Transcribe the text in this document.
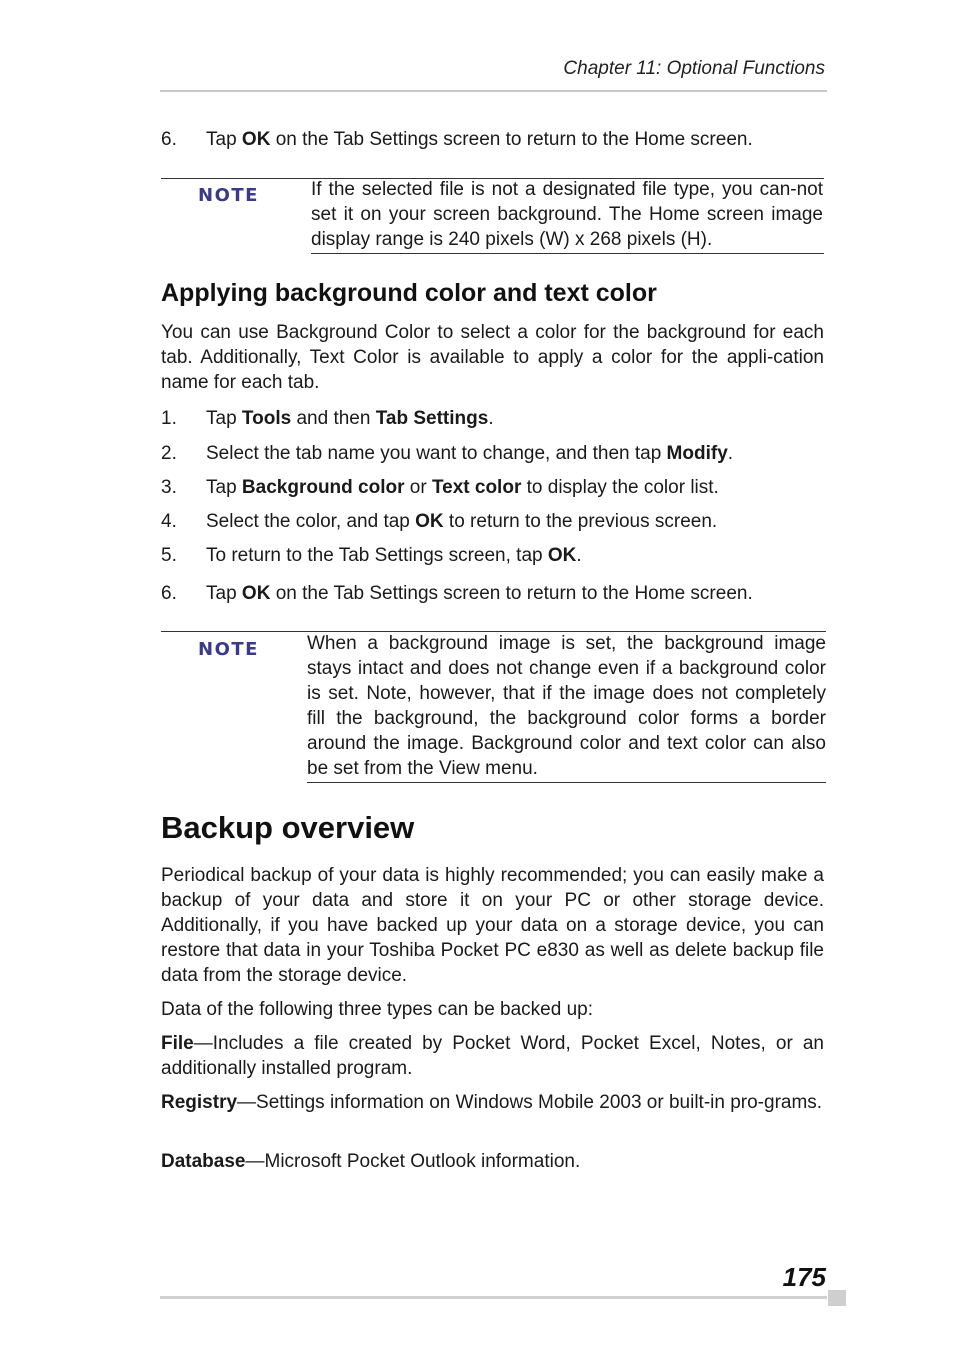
Chapter 11: Optional Functions
6. Tap OK on the Tab Settings screen to return to the Home screen.
NOTE	If the selected file is not a designated file type, you can-not set it on your screen background. The Home screen image display range is 240 pixels (W) x 268 pixels (H).
Applying background color and text color
You can use Background Color to select a color for the background for each tab. Additionally, Text Color is available to apply a color for the appli-cation name for each tab.
1. Tap Tools and then Tab Settings.
2. Select the tab name you want to change, and then tap Modify.
3. Tap Background color or Text color to display the color list.
4. Select the color, and tap OK to return to the previous screen.
5. To return to the Tab Settings screen, tap OK.
6. Tap OK on the Tab Settings screen to return to the Home screen.
NOTE	When a background image is set, the background image stays intact and does not change even if a background color is set. Note, however, that if the image does not completely fill the background, the background color forms a border around the image. Background color and text color can also be set from the View menu.
Backup overview
Periodical backup of your data is highly recommended; you can easily make a backup of your data and store it on your PC or other storage device. Additionally, if you have backed up your data on a storage device, you can restore that data in your Toshiba Pocket PC e830 as well as delete backup file data from the storage device.
Data of the following three types can be backed up:
File—Includes a file created by Pocket Word, Pocket Excel, Notes, or an additionally installed program.
Registry—Settings information on Windows Mobile 2003 or built-in pro-grams.
Database—Microsoft Pocket Outlook information.
175
